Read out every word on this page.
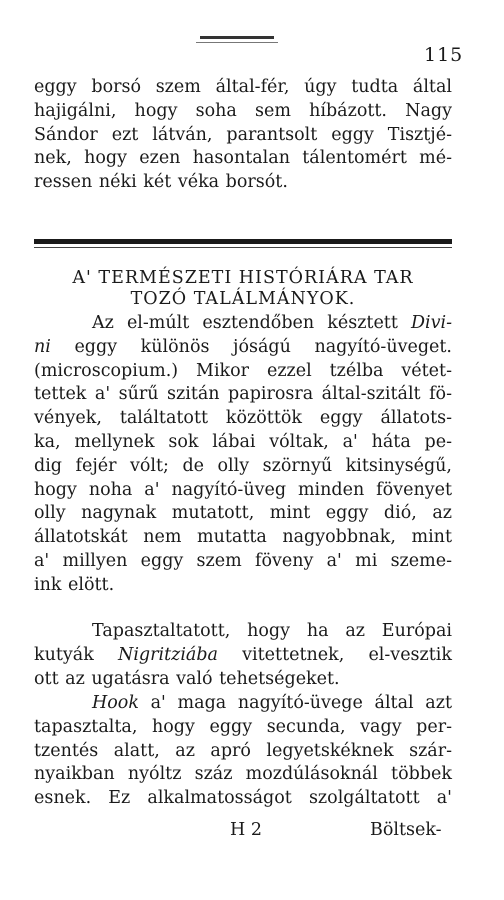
115
eggy borsó szem által-fér, úgy tudta által
hajigálni, hogy soha sem híbázott. Nagy
Sándor ezt látván, parantsolt eggy Tisztjé-
nek, hogy ezen hasontalan tálentomért mé-
ressen néki két véka borsót.
A' TERMÉSZETI HISTÓRIÁRA TAR
TOZÓ TALÁLMÁNYOK.
Az el-múlt esztendőben késztett Divi-
ni eggy különös jóságú nagyító-üveget.
(microscopium.) Mikor ezzel tzélba vétet-
tettek a' sűrű szitán papirosra által-szitált fö-
vények, találtatott közöttök eggy állatots-
ka, mellynek sok lábai vóltak, a' háta pe-
dig fejér vólt; de olly szörnyű kitsinységű,
hogy noha a' nagyító-üveg minden fövenyet
olly nagynak mutatott, mint eggy dió, az
állatotskát nem mutatta nagyobbnak, mint
a' millyen eggy szem föveny a' mi szeme-
ink elött.
Tapasztaltatott, hogy ha az Európai
kutyák Nigritziába vitettetnek, el-vesztik
ott az ugatásra való tehetségeket.
Hook a' maga nagyító-üvege által azt
tapasztalta, hogy eggy secunda, vagy per-
tzentés alatt, az apró legyetskéknek szár-
nyaikban nyóltz száz mozdúlásoknál többek
esnek. Ez alkalmatosságot szolgáltatott a'
H 2	Böltsek-
